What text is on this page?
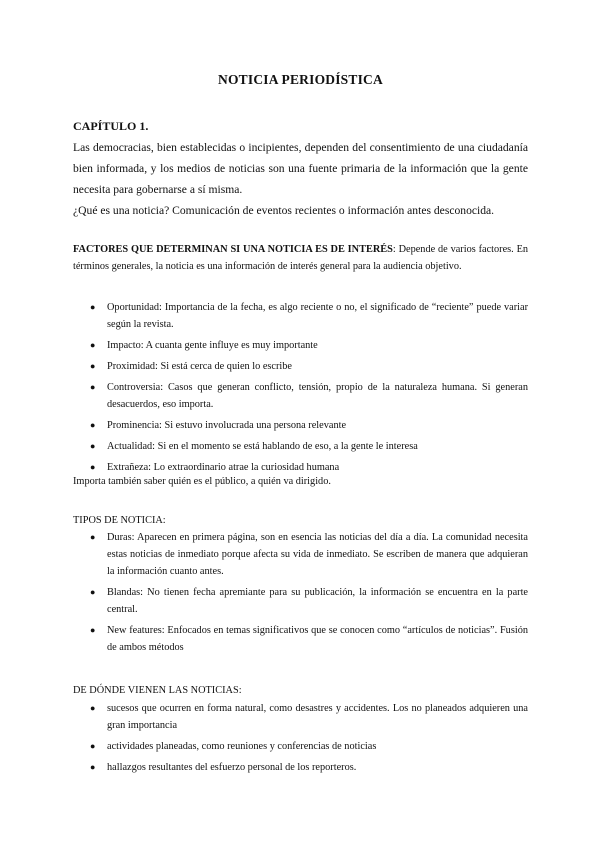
NOTICIA PERIODÍSTICA
CAPÍTULO 1.
Las democracias, bien establecidas o incipientes, dependen del consentimiento de una ciudadanía bien informada, y los medios de noticias son una fuente primaria de la información que la gente necesita para gobernarse a sí misma.
¿Qué es una noticia? Comunicación de eventos recientes o información antes desconocida.
FACTORES QUE DETERMINAN SI UNA NOTICIA ES DE INTERÉS: Depende de varios factores. En términos generales, la noticia es una información de interés general para la audiencia objetivo.
● Oportunidad: Importancia de la fecha, es algo reciente o no, el significado de “reciente” puede variar según la revista.
● Impacto: A cuanta gente influye es muy importante
● Proximidad: Si está cerca de quien lo escribe
● Controversia: Casos que generan conflicto, tensión, propio de la naturaleza humana. Si generan desacuerdos, eso importa.
● Prominencia: Si estuvo involucrada una persona relevante
● Actualidad: Si en el momento se está hablando de eso, a la gente le interesa
● Extrañeza: Lo extraordinario atrae la curiosidad humana
Importa también saber quién es el público, a quién va dirigido.
TIPOS DE NOTICIA:
● Duras: Aparecen en primera página, son en esencia las noticias del día a día. La comunidad necesita estas noticias de inmediato porque afecta su vida de inmediato. Se escriben de manera que adquieran la información cuanto antes.
● Blandas: No tienen fecha apremiante para su publicación, la información se encuentra en la parte central.
● New features: Enfocados en temas significativos que se conocen como “artículos de noticias”. Fusión de ambos métodos
DE DÓNDE VIENEN LAS NOTICIAS:
● sucesos que ocurren en forma natural, como desastres y accidentes. Los no planeados adquieren una gran importancia
● actividades planeadas, como reuniones y conferencias de noticias
● hallazgos resultantes del esfuerzo personal de los reporteros.
